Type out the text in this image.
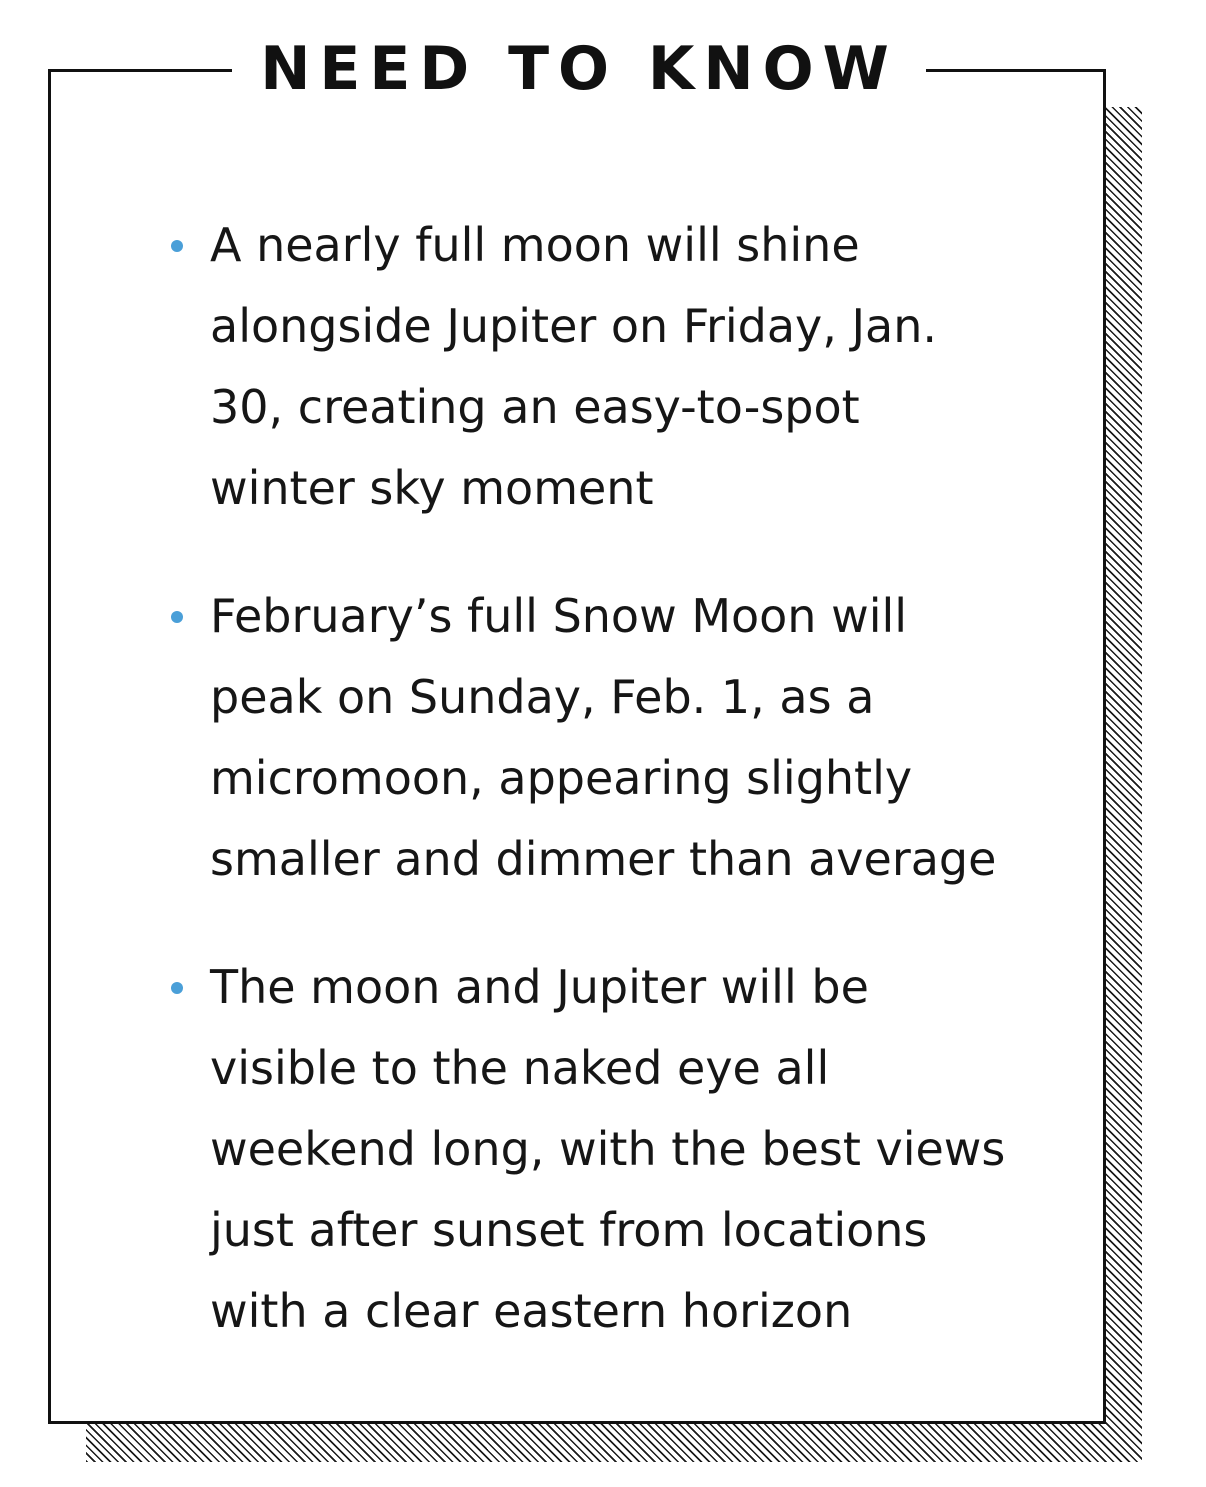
NEED TO KNOW
A nearly full moon will shine
alongside Jupiter on Friday, Jan.
30, creating an easy-to-spot
winter sky moment
February’s full Snow Moon will
peak on Sunday, Feb. 1, as a
micromoon, appearing slightly
smaller and dimmer than average
The moon and Jupiter will be
visible to the naked eye all
weekend long, with the best views
just after sunset from locations
with a clear eastern horizon
